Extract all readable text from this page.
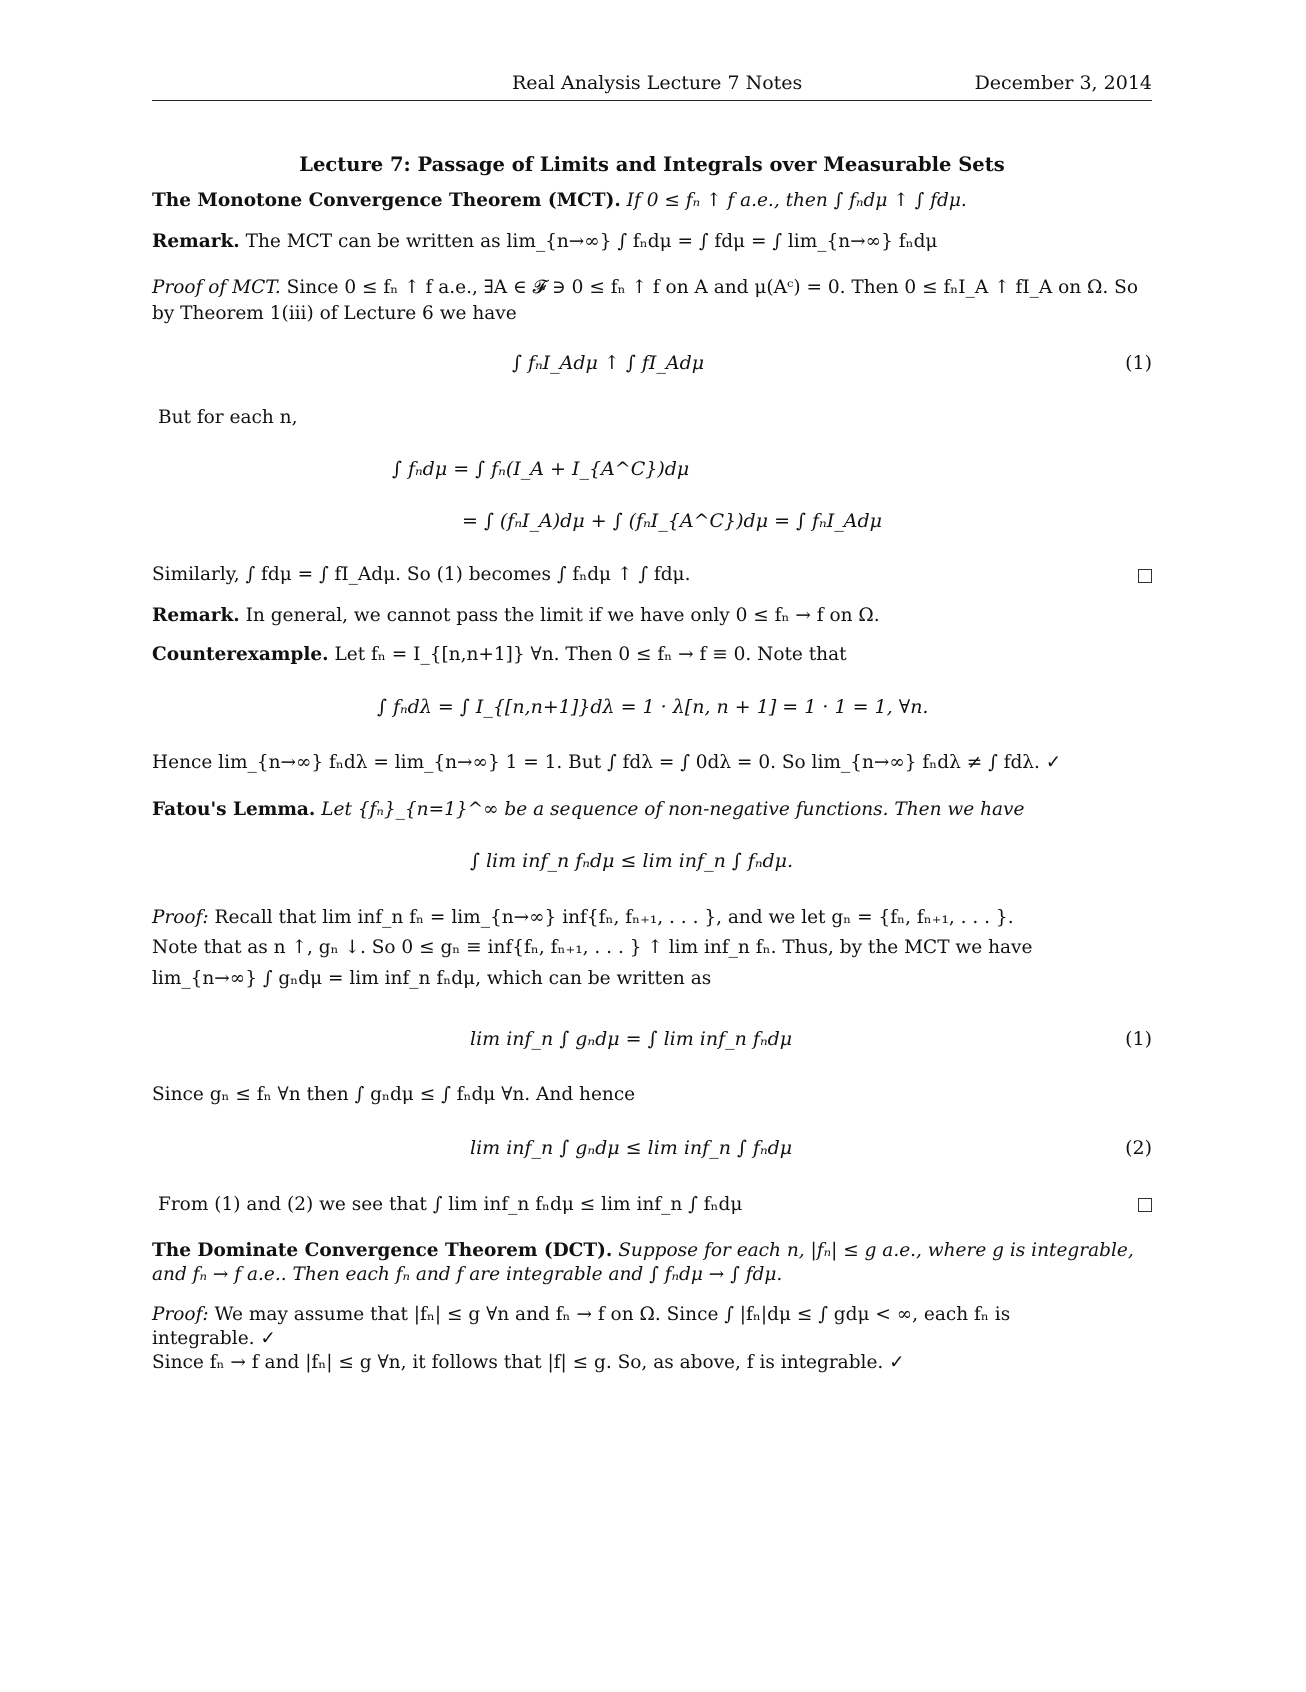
Real Analysis Lecture 7 Notes	December 3, 2014
Lecture 7: Passage of Limits and Integrals over Measurable Sets
The Monotone Convergence Theorem (MCT). If 0 ≤ fₙ ↑ f a.e., then ∫ fₙdμ ↑ ∫ fdμ.
Remark. The MCT can be written as lim_{n→∞} ∫ fₙdμ = ∫ fdμ = ∫ lim_{n→∞} fₙdμ
Proof of MCT. Since 0 ≤ fₙ ↑ f a.e., ∃A ∈ 𝓕 ∋ 0 ≤ fₙ ↑ f on A and μ(Aᶜ) = 0. Then 0 ≤ fₙI_A ↑ fI_A on Ω. So by Theorem 1(iii) of Lecture 6 we have
∫ fₙI_Adμ ↑ ∫ fI_Adμ	(1)
But for each n,
∫ fₙdμ = ∫ fₙ(I_A + I_{A^C})dμ
= ∫ (fₙI_A)dμ + ∫ (fₙI_{A^C})dμ = ∫ fₙI_Adμ
Similarly, ∫ fdμ = ∫ fI_Adμ. So (1) becomes ∫ fₙdμ ↑ ∫ fdμ.
Remark. In general, we cannot pass the limit if we have only 0 ≤ fₙ → f on Ω.
Counterexample. Let fₙ = I_{[n,n+1]} ∀n. Then 0 ≤ fₙ → f ≡ 0. Note that
∫ fₙdλ = ∫ I_{[n,n+1]}dλ = 1 · λ[n, n + 1] = 1 · 1 = 1, ∀n.
Hence lim_{n→∞} fₙdλ = lim_{n→∞} 1 = 1. But ∫ fdλ = ∫ 0dλ = 0. So lim_{n→∞} fₙdλ ≠ ∫ fdλ. ✓
Fatou's Lemma. Let {fₙ}_{n=1}^∞ be a sequence of non-negative functions. Then we have
∫ lim inf_n fₙdμ ≤ lim inf_n ∫ fₙdμ.
Proof: Recall that lim inf_n fₙ = lim_{n→∞} inf{fₙ, fₙ₊₁, . . . }, and we let gₙ = {fₙ, fₙ₊₁, . . . }.
Note that as n ↑, gₙ ↓. So 0 ≤ gₙ ≡ inf{fₙ, fₙ₊₁, . . . } ↑ lim inf_n fₙ. Thus, by the MCT we have
lim_{n→∞} ∫ gₙdμ = lim inf_n fₙdμ, which can be written as
lim inf_n ∫ gₙdμ = ∫ lim inf_n fₙdμ	(1)
Since gₙ ≤ fₙ ∀n then ∫ gₙdμ ≤ ∫ fₙdμ ∀n. And hence
lim inf_n ∫ gₙdμ ≤ lim inf_n ∫ fₙdμ	(2)
From (1) and (2) we see that ∫ lim inf_n fₙdμ ≤ lim inf_n ∫ fₙdμ
The Dominate Convergence Theorem (DCT). Suppose for each n, |fₙ| ≤ g a.e., where g is integrable,
and fₙ → f a.e.. Then each fₙ and f are integrable and ∫ fₙdμ → ∫ fdμ.
Proof: We may assume that |fₙ| ≤ g ∀n and fₙ → f on Ω. Since ∫ |fₙ|dμ ≤ ∫ gdμ < ∞, each fₙ is
integrable. ✓
Since fₙ → f and |fₙ| ≤ g ∀n, it follows that |f| ≤ g. So, as above, f is integrable. ✓
